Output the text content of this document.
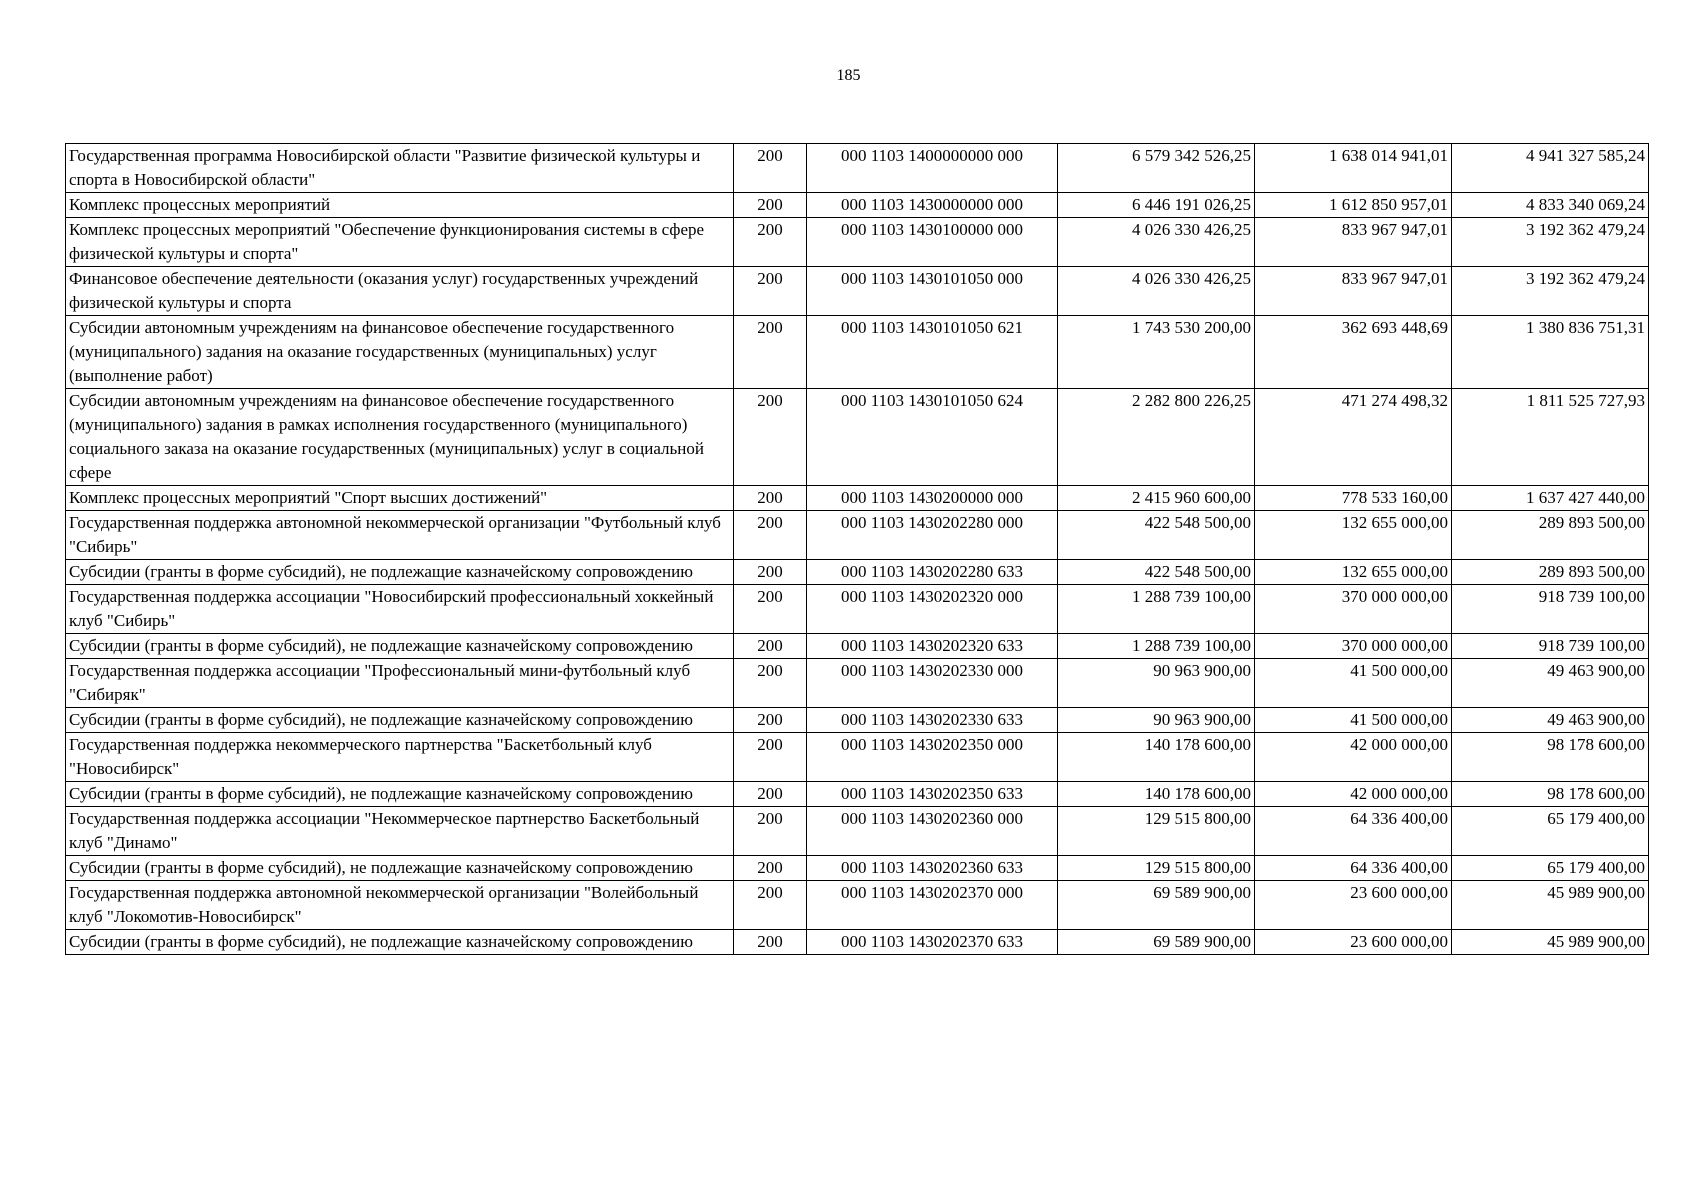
185
Государственная программа Новосибирской области "Развитие физической культуры и спорта в Новосибирской области"	200	000 1103 1400000000 000	6 579 342 526,25	1 638 014 941,01	4 941 327 585,24
Комплекс процессных мероприятий	200	000 1103 1430000000 000	6 446 191 026,25	1 612 850 957,01	4 833 340 069,24
Комплекс процессных мероприятий "Обеспечение функционирования системы в сфере физической культуры и спорта"	200	000 1103 1430100000 000	4 026 330 426,25	833 967 947,01	3 192 362 479,24
Финансовое обеспечение деятельности (оказания услуг) государственных учреждений физической культуры и спорта	200	000 1103 1430101050 000	4 026 330 426,25	833 967 947,01	3 192 362 479,24
Субсидии автономным учреждениям на финансовое обеспечение государственного (муниципального) задания на оказание государственных (муниципальных) услуг (выполнение работ)	200	000 1103 1430101050 621	1 743 530 200,00	362 693 448,69	1 380 836 751,31
Субсидии автономным учреждениям на финансовое обеспечение государственного (муниципального) задания в рамках исполнения государственного (муниципального) социального заказа на оказание государственных (муниципальных) услуг в социальной сфере	200	000 1103 1430101050 624	2 282 800 226,25	471 274 498,32	1 811 525 727,93
Комплекс процессных мероприятий "Спорт высших достижений"	200	000 1103 1430200000 000	2 415 960 600,00	778 533 160,00	1 637 427 440,00
Государственная поддержка автономной некоммерческой организации "Футбольный клуб "Сибирь"	200	000 1103 1430202280 000	422 548 500,00	132 655 000,00	289 893 500,00
Субсидии (гранты в форме субсидий), не подлежащие казначейскому сопровождению	200	000 1103 1430202280 633	422 548 500,00	132 655 000,00	289 893 500,00
Государственная поддержка ассоциации "Новосибирский профессиональный хоккейный клуб "Сибирь"	200	000 1103 1430202320 000	1 288 739 100,00	370 000 000,00	918 739 100,00
Субсидии (гранты в форме субсидий), не подлежащие казначейскому сопровождению	200	000 1103 1430202320 633	1 288 739 100,00	370 000 000,00	918 739 100,00
Государственная поддержка ассоциации "Профессиональный мини-футбольный клуб "Сибиряк"	200	000 1103 1430202330 000	90 963 900,00	41 500 000,00	49 463 900,00
Субсидии (гранты в форме субсидий), не подлежащие казначейскому сопровождению	200	000 1103 1430202330 633	90 963 900,00	41 500 000,00	49 463 900,00
Государственная поддержка некоммерческого партнерства "Баскетбольный клуб "Новосибирск"	200	000 1103 1430202350 000	140 178 600,00	42 000 000,00	98 178 600,00
Субсидии (гранты в форме субсидий), не подлежащие казначейскому сопровождению	200	000 1103 1430202350 633	140 178 600,00	42 000 000,00	98 178 600,00
Государственная поддержка ассоциации "Некоммерческое партнерство Баскетбольный клуб "Динамо"	200	000 1103 1430202360 000	129 515 800,00	64 336 400,00	65 179 400,00
Субсидии (гранты в форме субсидий), не подлежащие казначейскому сопровождению	200	000 1103 1430202360 633	129 515 800,00	64 336 400,00	65 179 400,00
Государственная поддержка автономной некоммерческой организации "Волейбольный клуб "Локомотив-Новосибирск"	200	000 1103 1430202370 000	69 589 900,00	23 600 000,00	45 989 900,00
Субсидии (гранты в форме субсидий), не подлежащие казначейскому сопровождению	200	000 1103 1430202370 633	69 589 900,00	23 600 000,00	45 989 900,00
